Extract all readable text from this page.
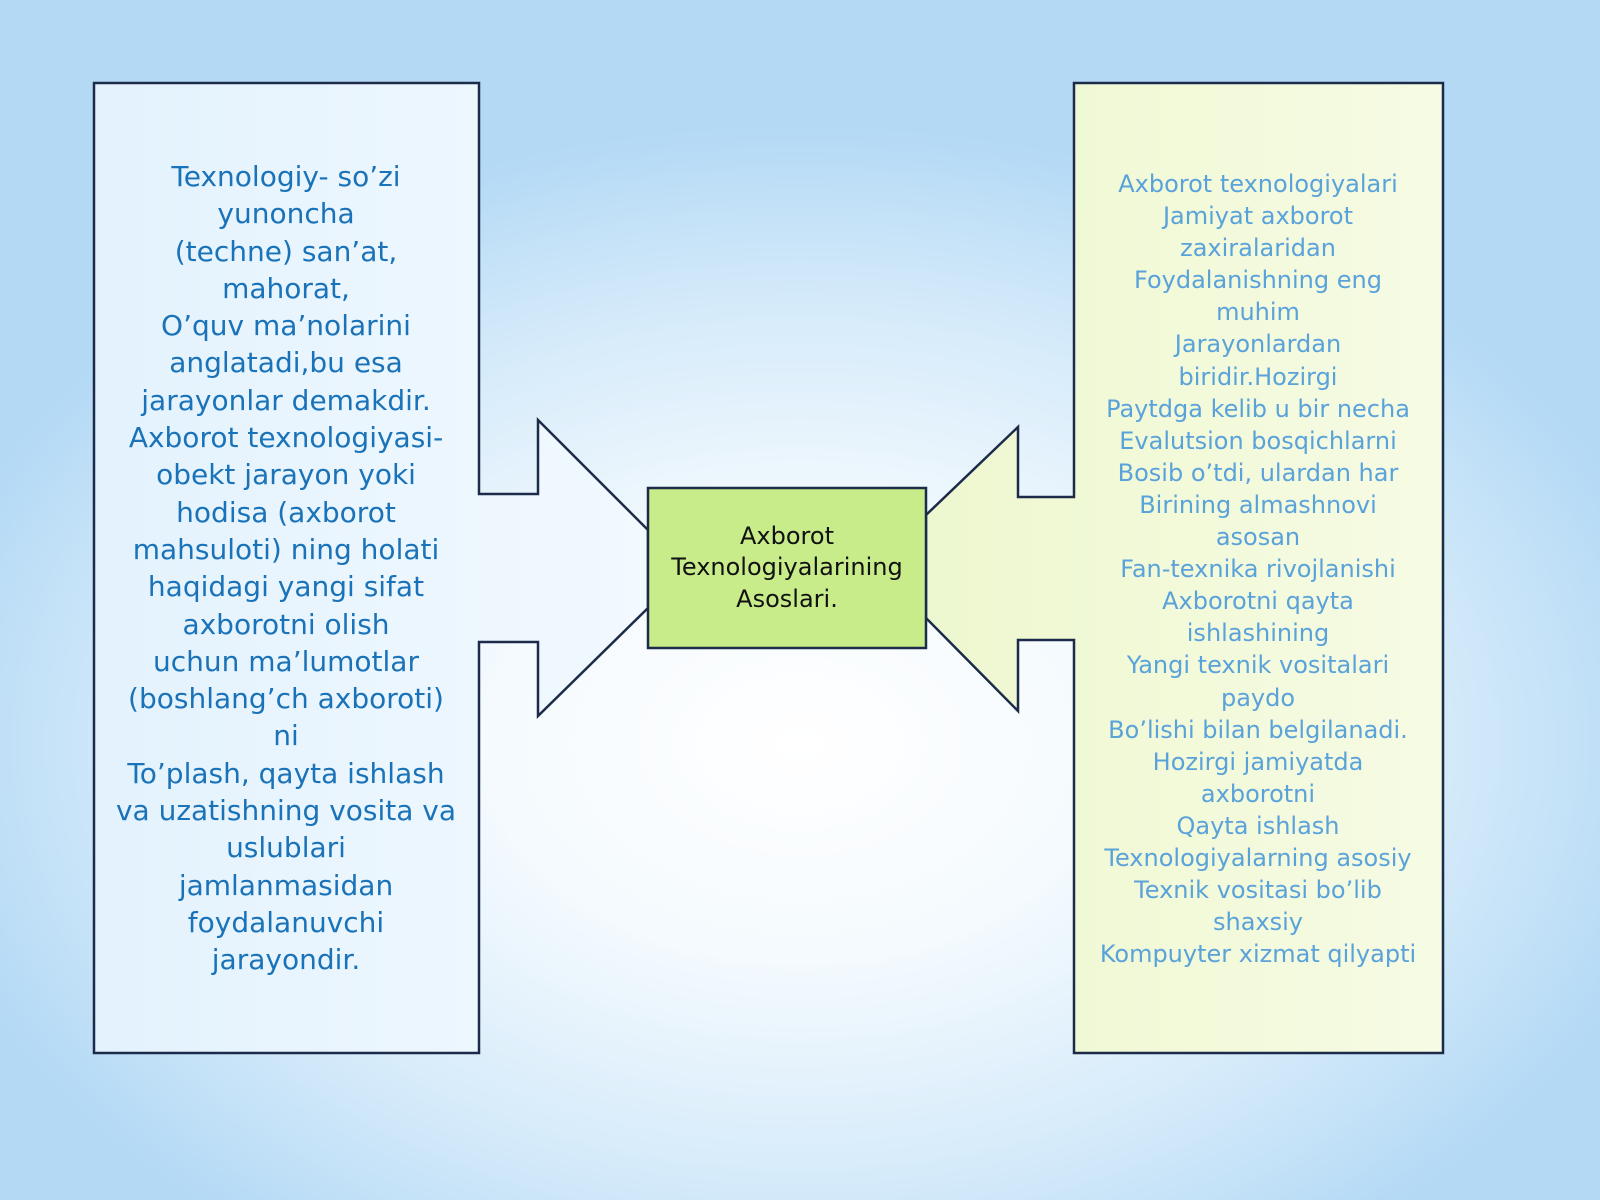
Texnologiy- so’zi
yunoncha
(techne) san’at,
mahorat,
O’quv ma’nolarini
anglatadi,bu esa
jarayonlar demakdir.
Axborot texnologiyasi-
obekt jarayon yoki
hodisa (axborot
mahsuloti) ning holati
haqidagi yangi sifat
axborotni olish
uchun ma’lumotlar
(boshlang’ch axboroti)
ni
To’plash, qayta ishlash
va uzatishning vosita va
uslublari
jamlanmasidan
foydalanuvchi
jarayondir.
Axborot texnologiyalari
Jamiyat axborot
zaxiralaridan
Foydalanishning eng
muhim
Jarayonlardan
biridir.Hozirgi
Paytdga kelib u bir necha
Evalutsion bosqichlarni
Bosib o’tdi, ulardan har
Birining almashnovi
asosan
Fan-texnika rivojlanishi
Axborotni qayta
ishlashining
Yangi texnik vositalari
paydo
Bo’lishi bilan belgilanadi.
Hozirgi jamiyatda
axborotni
Qayta ishlash
Texnologiyalarning asosiy
Texnik vositasi bo’lib
shaxsiy
Kompuyter xizmat qilyapti
Axborot
Texnologiyalarining
Asoslari.
